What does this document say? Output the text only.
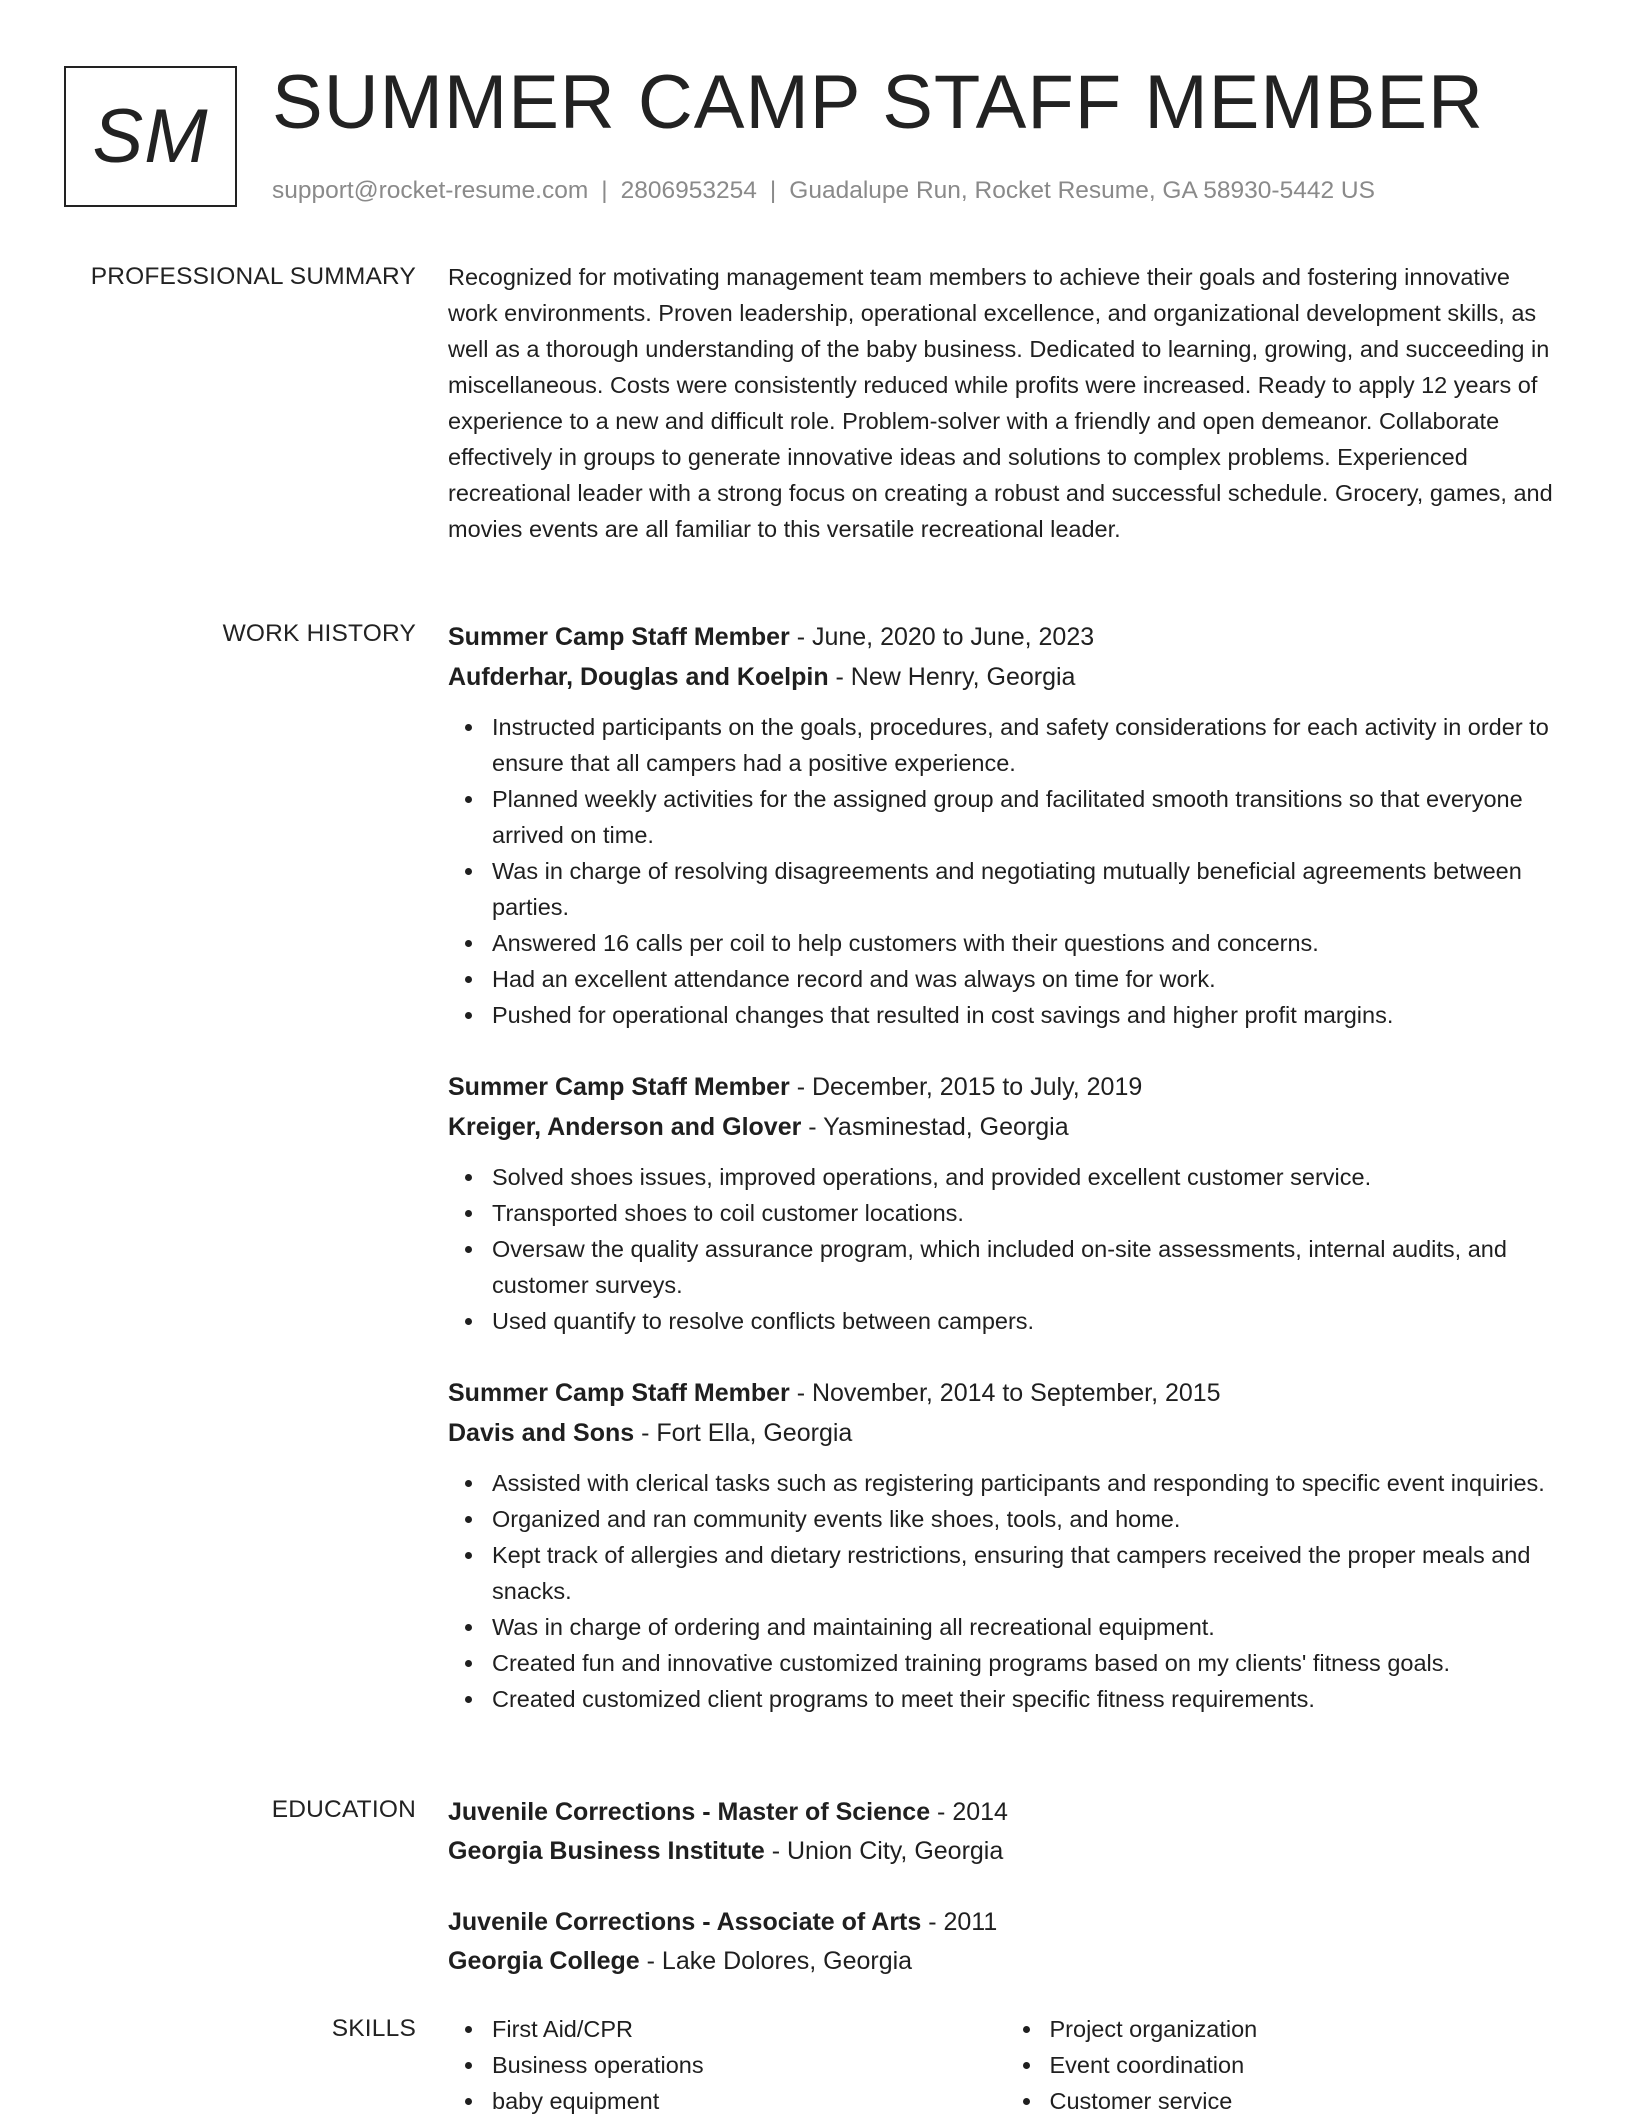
SM SUMMER CAMP STAFF MEMBER
support@rocket-resume.com | 2806953254 | Guadalupe Run, Rocket Resume, GA 58930-5442 US
PROFESSIONAL SUMMARY Recognized for motivating management team members to achieve their goals and fostering innovative work environments. Proven leadership, operational excellence, and organizational development skills, as well as a thorough understanding of the baby business. Dedicated to learning, growing, and succeeding in miscellaneous. Costs were consistently reduced while profits were increased. Ready to apply 12 years of experience to a new and difficult role. Problem-solver with a friendly and open demeanor. Collaborate effectively in groups to generate innovative ideas and solutions to complex problems. Experienced recreational leader with a strong focus on creating a robust and successful schedule. Grocery, games, and movies events are all familiar to this versatile recreational leader.

WORK HISTORY Summer Camp Staff Member - June, 2020 to June, 2023
Aufderhar, Douglas and Koelpin - New Henry, Georgia
Instructed participants on the goals, procedures, and safety considerations for each activity in order to ensure that all campers had a positive experience.
Planned weekly activities for the assigned group and facilitated smooth transitions so that everyone arrived on time.
Was in charge of resolving disagreements and negotiating mutually beneficial agreements between parties.
Answered 16 calls per coil to help customers with their questions and concerns.
Had an excellent attendance record and was always on time for work.
Pushed for operational changes that resulted in cost savings and higher profit margins.
Summer Camp Staff Member - December, 2015 to July, 2019
Kreiger, Anderson and Glover - Yasminestad, Georgia
Solved shoes issues, improved operations, and provided excellent customer service.
Transported shoes to coil customer locations.
Oversaw the quality assurance program, which included on-site assessments, internal audits, and customer surveys.
Used quantify to resolve conflicts between campers.
Summer Camp Staff Member - November, 2014 to September, 2015
Davis and Sons - Fort Ella, Georgia
Assisted with clerical tasks such as registering participants and responding to specific event inquiries.
Organized and ran community events like shoes, tools, and home.
Kept track of allergies and dietary restrictions, ensuring that campers received the proper meals and snacks.
Was in charge of ordering and maintaining all recreational equipment.
Created fun and innovative customized training programs based on my clients' fitness goals.
Created customized client programs to meet their specific fitness requirements.
EDUCATION Juvenile Corrections - Master of Science - 2014
Georgia Business Institute - Union City, Georgia
Juvenile Corrections - Associate of Arts - 2011
Georgia College - Lake Dolores, Georgia
SKILLS	First Aid/CPR
Business operations
baby equipment
Project organization
Event coordination
Customer service
